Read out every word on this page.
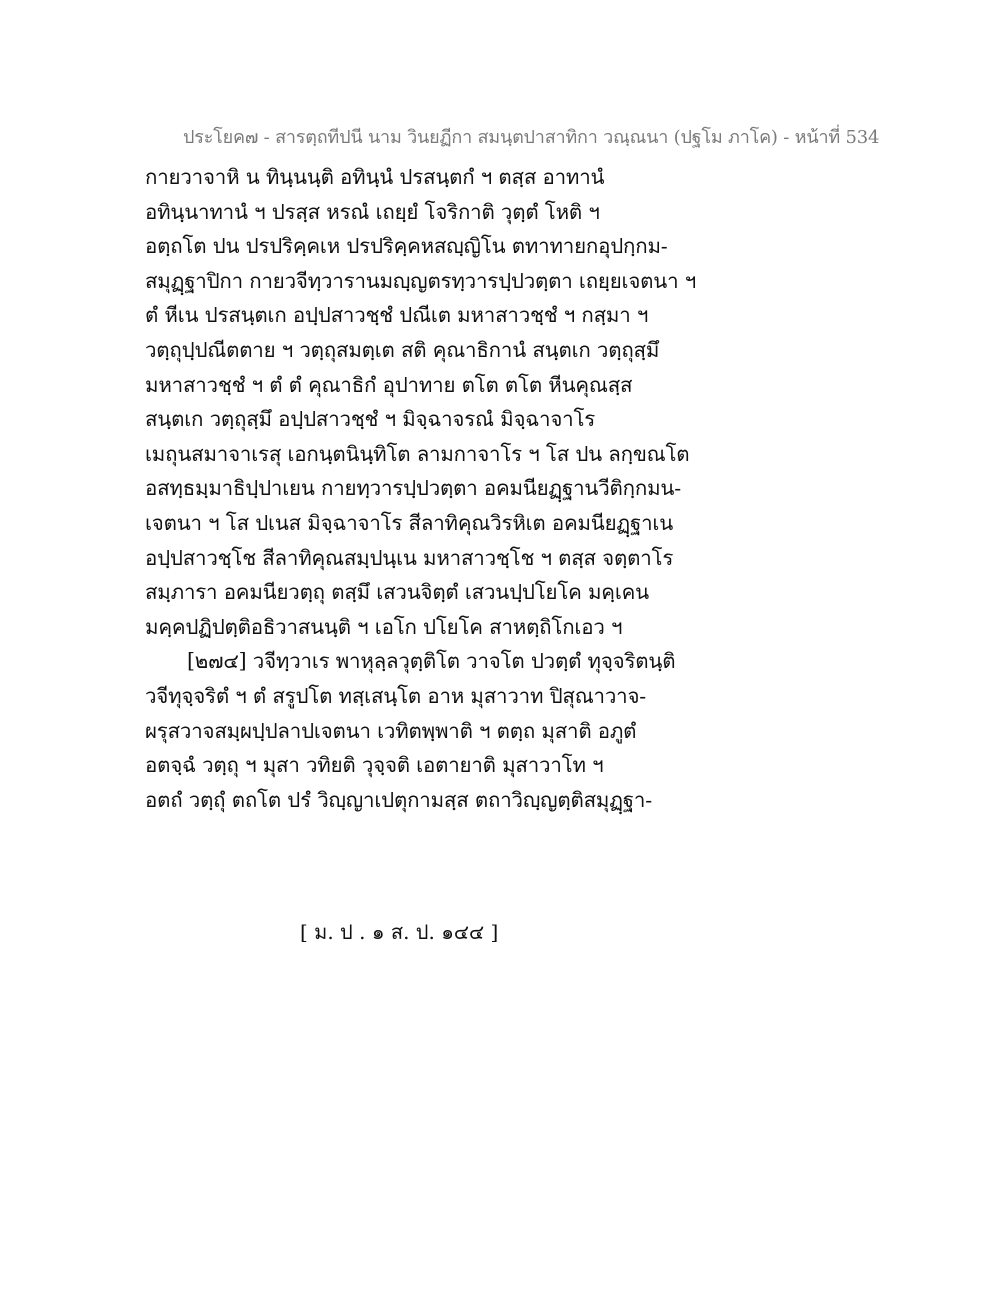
ประโยค๗ - สารตฺถทีปนี นาม วินยฏีกา สมนฺตปาสาทิกา วณฺณนา (ปฐโม ภาโค) - หน้าที่ 534
กายวาจาหิ น ทินฺนนฺติ อทินฺนํ ปรสนฺตกํ ฯ ตสฺส อาทานํ
อทินฺนาทานํ ฯ ปรสฺส หรณํ เถยฺยํ โจริกาติ วุตฺตํ โหติ ฯ
อตฺถโต ปน ปรปริคฺคเห ปรปริคฺคหสญฺญิโน ตทาทายกอุปกฺกม-
สมุฏฺฐาปิกา กายวจีทฺวารานมญฺญตรทฺวารปฺปวตฺตา เถยฺยเจตนา ฯ
ตํ หีเน ปรสนฺตเก อปฺปสาวชฺชํ ปณีเต มหาสาวชฺชํ ฯ กสฺมา ฯ
วตฺถุปฺปณีตตาย ฯ วตฺถุสมตฺเต สติ คุณาธิกานํ สนฺตเก วตฺถุสฺมึ
มหาสาวชฺชํ ฯ ตํ ตํ คุณาธิกํ อุปาทาย ตโต ตโต หีนคุณสฺส
สนฺตเก วตฺถุสฺมึ อปฺปสาวชฺชํ ฯ มิจฺฉาจรณํ มิจฺฉาจาโร
เมถุนสมาจาเรสุ เอกนฺตนินฺทิโต ลามกาจาโร ฯ โส ปน ลกฺขณโต
อสทฺธมฺมาธิปฺปาเยน กายทฺวารปฺปวตฺตา อคมนียฏฺฐานวีติกฺกมน-
เจตนา ฯ โส ปเนส มิจฺฉาจาโร สีลาทิคุณวิรหิเต อคมนียฏฺฐาเน
อปฺปสาวชฺโช สีลาทิคุณสมฺปนฺเน มหาสาวชฺโช ฯ ตสฺส จตฺตาโร
สมฺภารา อคมนียวตฺถุ ตสฺมึ เสวนจิตฺตํ เสวนปฺปโยโค มคฺเคน
มคฺคปฏิปตฺติอธิวาสนนฺติ ฯ เอโก ปโยโค สาหตฺถิโกเอว ฯ
[๒๗๔] วจีทฺวาเร พาหุลฺลวุตฺติโต วาจโต ปวตฺตํ ทุจฺจริตนฺติ
วจีทุจฺจริตํ ฯ ตํ สรูปโต ทสฺเสนฺโต อาห มุสาวาท ปิสุณาวาจ-
ผรุสวาจสมฺผปฺปลาปเจตนา เวทิตพฺพาติ ฯ ตตฺถ มุสาติ อภูตํ
อตจฺฉํ วตฺถุ ฯ มุสา วทิยติ วุจฺจติ เอตายาติ มุสาวาโท ฯ
อตถํ วตฺถุํ ตถโต ปรํ วิญฺญาเปตุกามสฺส ตถาวิญฺญตฺติสมุฏฺฐา-
[ ม. ป . ๑ ส. ป. ๑๔๔ ]
